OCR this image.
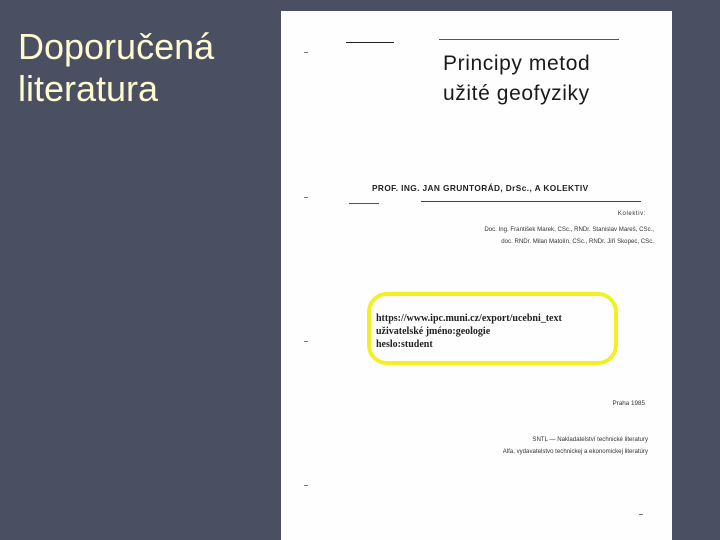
Doporučená
literatura
Principy metod
užité geofyziky
PROF. ING. JAN GRUNTORÁD, DrSc., A KOLEKTIV
Kolektiv:
Doc. Ing. František Marek, CSc., RNDr. Stanislav Mareš, CSc.,
doc. RNDr. Milan Matolín, CSc., RNDr. Jiří Skopec, CSc.
https://www.ipc.muni.cz/export/ucebni_text
uživatelské jméno:geologie
heslo:student
Praha 1985
SNTL — Nakladatelství technické literatury
Alfa, vydavatelstvo technickej a ekonomickej literatúry
